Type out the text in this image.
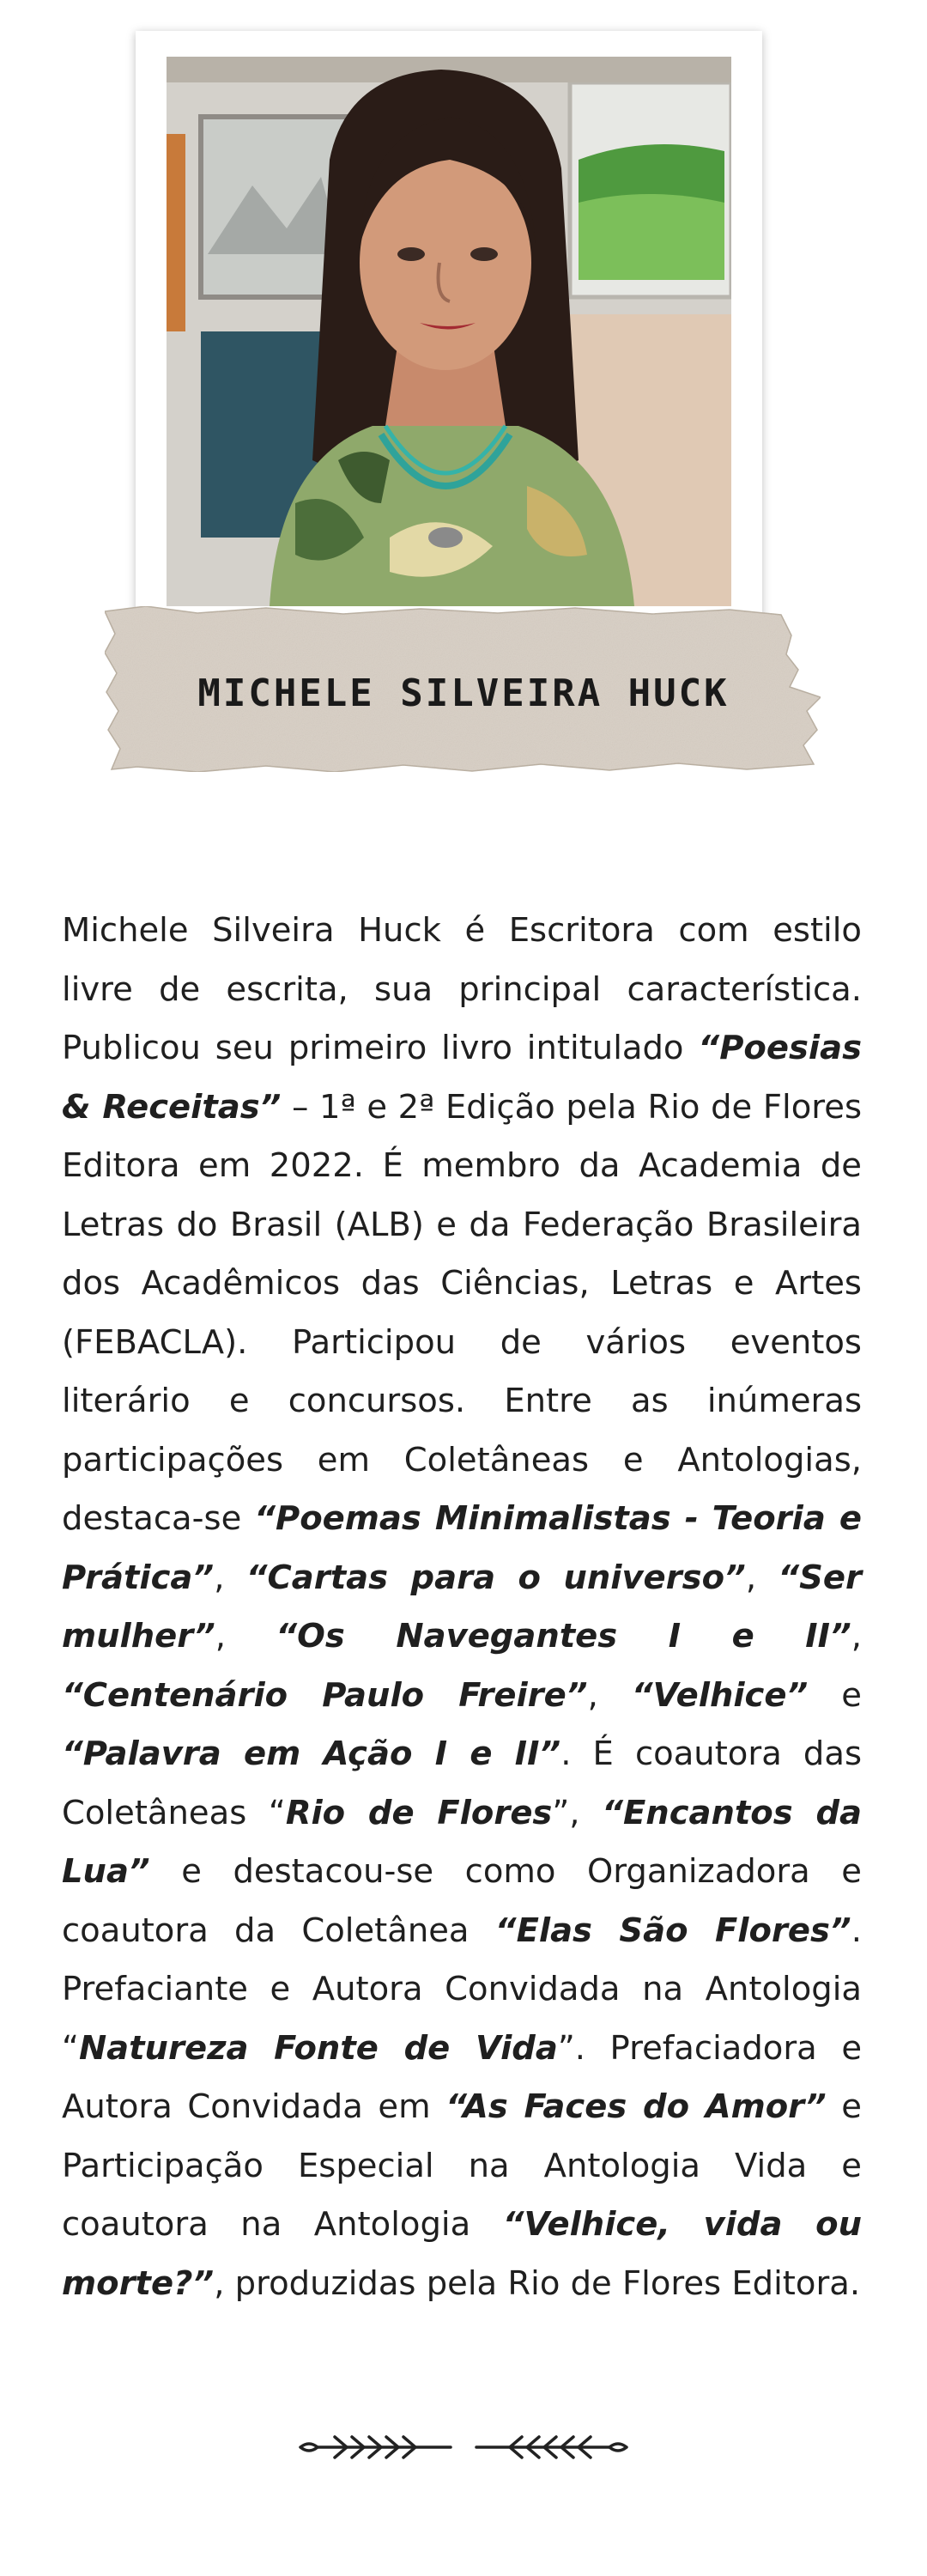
MICHELE SILVEIRA HUCK
Michele Silveira Huck é Escritora com estilo livre de escrita, sua principal característica. Publicou seu primeiro livro intitulado “Poesias & Receitas” – 1ª e 2ª Edição pela Rio de Flores Editora em 2022. É membro da Academia de Letras do Brasil (ALB) e da Federação Brasileira dos Acadêmicos das Ciências, Letras e Artes (FEBACLA). Participou de vários eventos literário e concursos. Entre as inúmeras participações em Coletâneas e Antologias, destaca-se “Poemas Minimalistas - Teoria e Prática”, “Cartas para o universo”, “Ser mulher”, “Os Navegantes I e II”, “Centenário Paulo Freire”, “Velhice” e “Palavra em Ação I e II”. É coautora das Coletâneas “Rio de Flores”, “Encantos da Lua” e destacou-se como Organizadora e coautora da Coletânea “Elas São Flores”. Prefaciante e Autora Convidada na Antologia “Natureza Fonte de Vida”. Prefaciadora e Autora Convidada em “As Faces do Amor” e Participação Especial na Antologia Vida e coautora na Antologia “Velhice, vida ou morte?”, produzidas pela Rio de Flores Editora.
